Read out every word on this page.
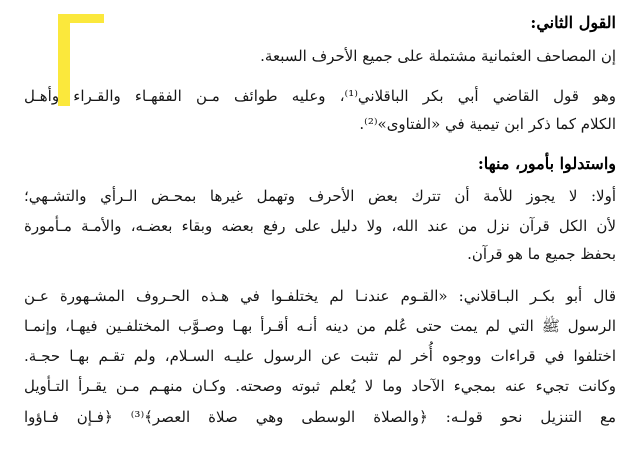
القول الثاني:
إن المصاحف العثمانية مشتملة على جميع الأحرف السبعة.
وهو قول القاضي أبي بكر الباقلاني⁽¹⁾، وعليه طوائف مـن الفقهـاء والقـراء وأهـل
الكلام كما ذكر ابن تيمية في «الفتاوى»⁽²⁾.
واستدلوا بأمور، منها:
أولا: لا يجوز للأمة أن تترك بعض الأحرف وتهمل غيرها بمحـض الـرأي والتشـهي؛
لأن الكل قرآن نزل من عند الله، ولا دليل على رفع بعضه وبقاء بعضـه، والأمـة مـأمورة
بحفظ جميع ما هو قرآن.
قال أبو بكـر البـاقلاني: «القـوم عندنـا لم يختلفـوا في هـذه الحـروف المشـهورة عـن
الرسول ﷺ التي لم يمت حتى عُلم من دينه أنـه أقـرأ بهـا وصـوَّب المختلفـين فيهـا، وإنمـا
اختلفوا في قراءات ووجوه أُخر لم تثبت عن الرسول عليـه السـلام، ولم تقـم بهـا حجـة.
وكانت تجيء عنه بمجيء الآحاد وما لا يُعلم ثبوته وصحته. وكـان منهـم مـن يقـرأ التـأويل
مع التنزيل نحو قولـه: ﴿والصلاة الوسطى وهي صلاة العصر﴾⁽³⁾ ﴿فـإن فـاؤوا
